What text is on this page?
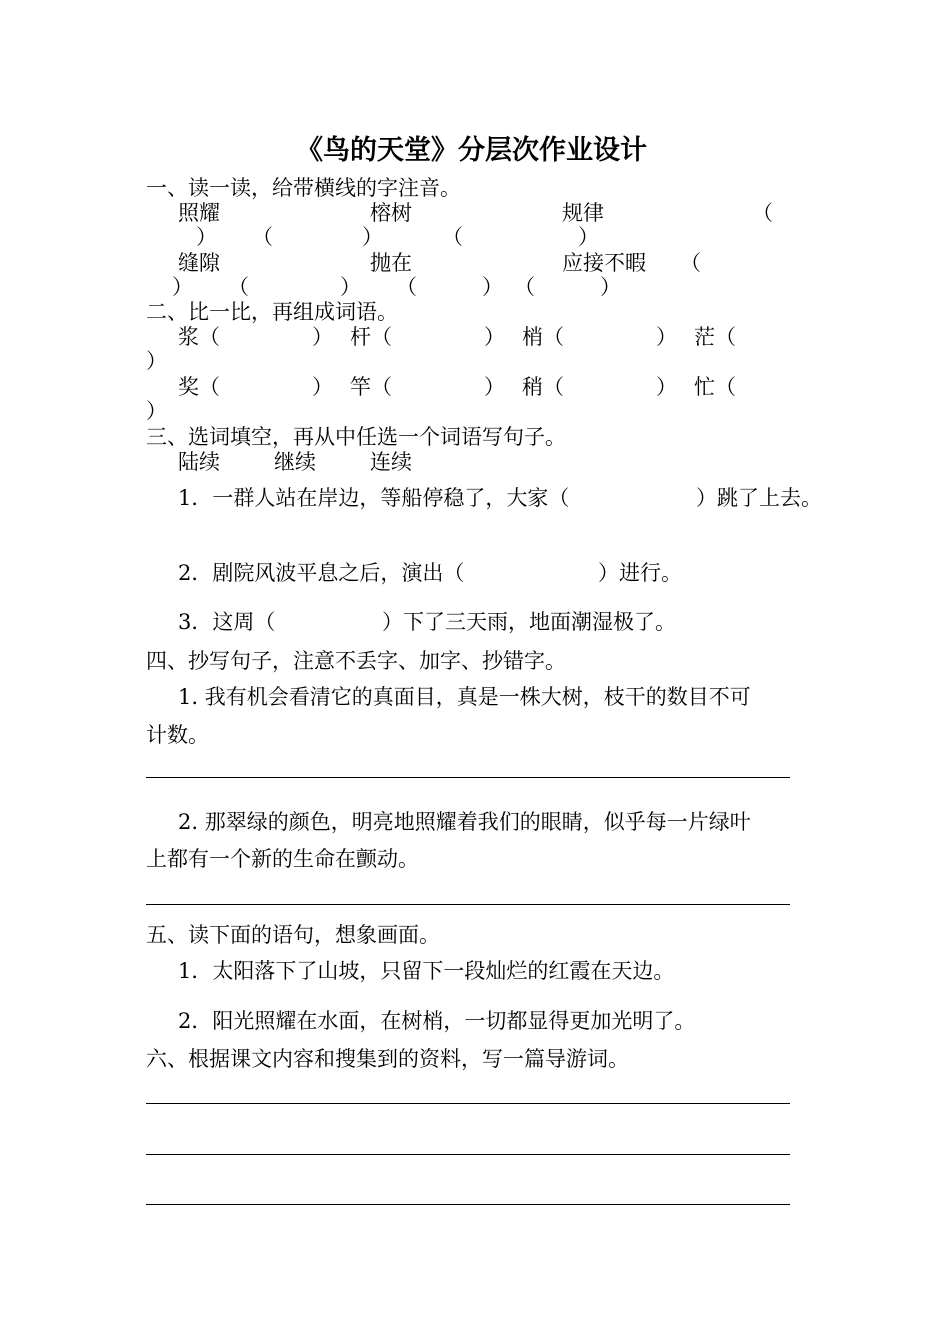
《鸟的天堂》分层次作业设计
一、读一读，给带横线的字注音。
照耀	榕树	规律	（
） （	）	（	）
缝隙	抛在	应接不暇 （
） （	） （	） （	）
二、比一比，再组成词语。
浆（	） 杆（	） 梢（	） 茫（
）
奖（	） 竿（	） 稍（	） 忙（
）
三、选词填空，再从中任选一个词语写句子。
陆续	继续	连续
1．一群人站在岸边，等船停稳了，大家（	）跳了上去。
2．剧院风波平息之后，演出（	）进行。
3．这周（	）下了三天雨，地面潮湿极了。
四、抄写句子，注意不丢字、加字、抄错字。
1. 我有机会看清它的真面目，真是一株大树，枝干的数目不可
计数。
2. 那翠绿的颜色，明亮地照耀着我们的眼睛，似乎每一片绿叶
上都有一个新的生命在颤动。
五、读下面的语句，想象画面。
1．太阳落下了山坡，只留下一段灿烂的红霞在天边。
2．阳光照耀在水面，在树梢，一切都显得更加光明了。
六、根据课文内容和搜集到的资料，写一篇导游词。
